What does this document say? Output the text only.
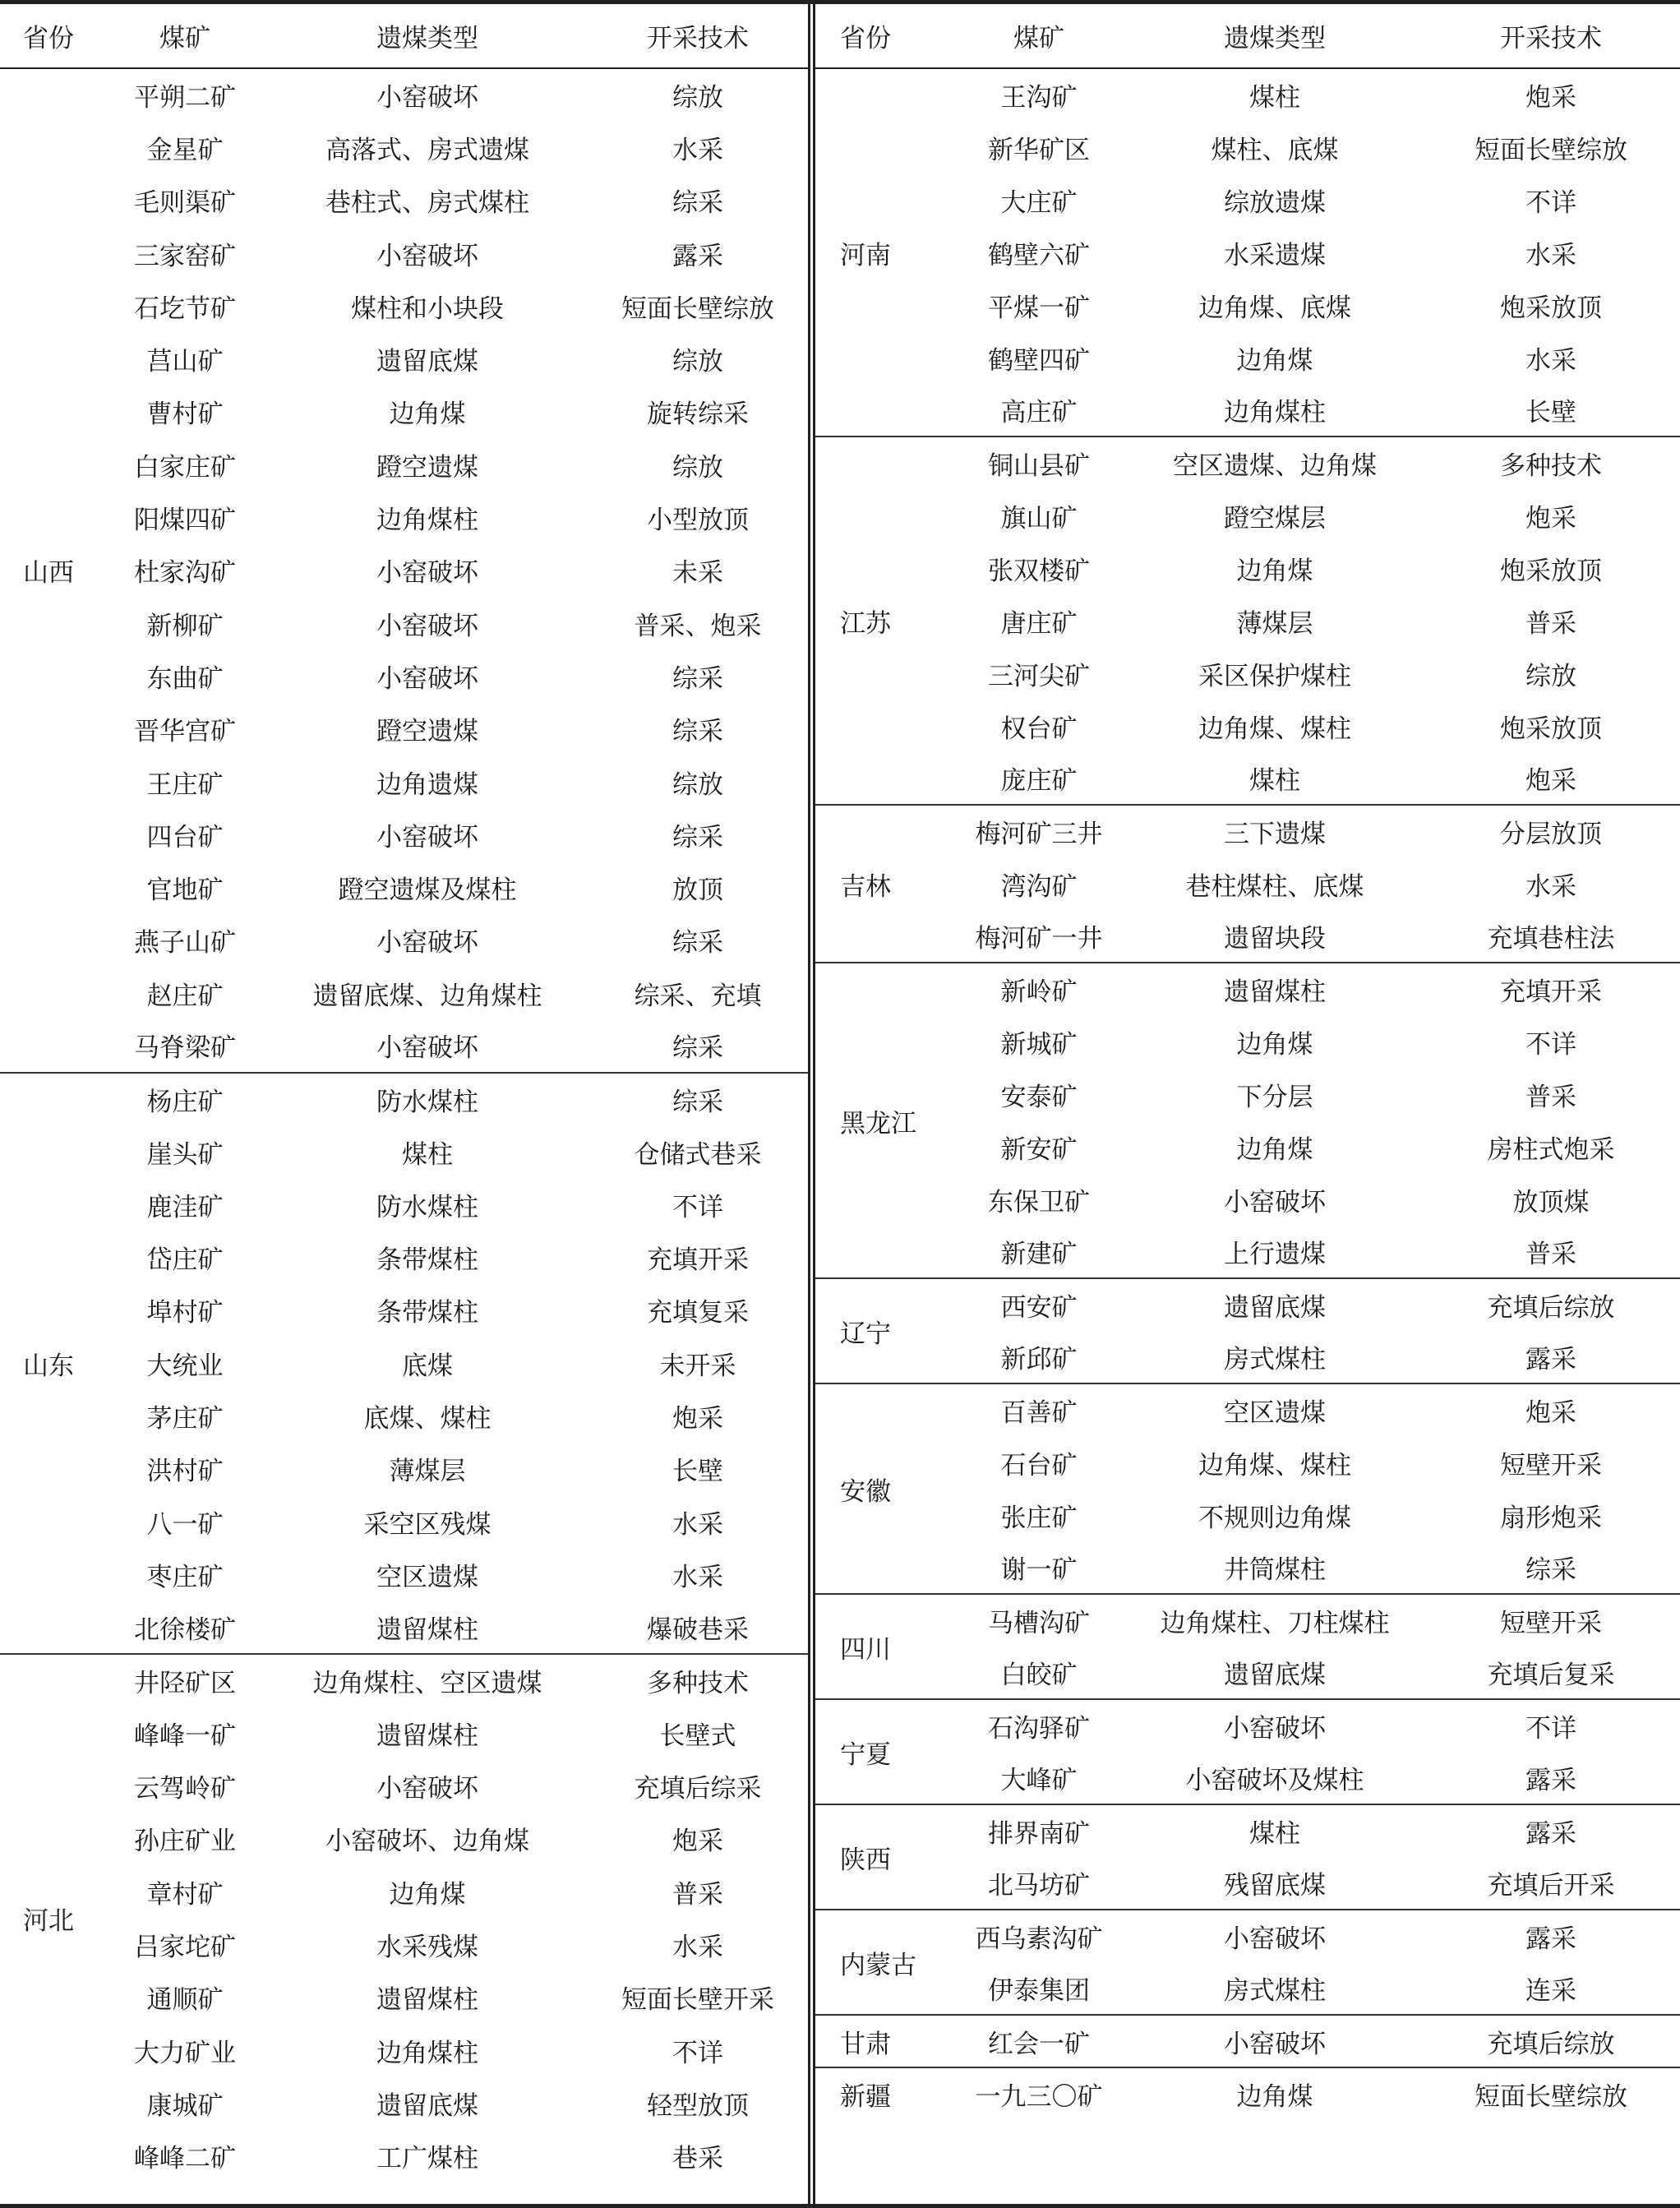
省份	煤矿	遗煤类型	开采技术
山西	平朔二矿	小窑破坏	综放
	金星矿	高落式、房式遗煤	水采
	毛则渠矿	巷柱式、房式煤柱	综采
	三家窑矿	小窑破坏	露采
	石圪节矿	煤柱和小块段	短面长壁综放
	莒山矿	遗留底煤	综放
	曹村矿	边角煤	旋转综采
	白家庄矿	蹬空遗煤	综放
	阳煤四矿	边角煤柱	小型放顶
	杜家沟矿	小窑破坏	未采
	新柳矿	小窑破坏	普采、炮采
	东曲矿	小窑破坏	综采
	晋华宫矿	蹬空遗煤	综采
	王庄矿	边角遗煤	综放
	四台矿	小窑破坏	综采
	官地矿	蹬空遗煤及煤柱	放顶
	燕子山矿	小窑破坏	综采
	赵庄矿	遗留底煤、边角煤柱	综采、充填
	马脊梁矿	小窑破坏	综采
山东	杨庄矿	防水煤柱	综采
	崖头矿	煤柱	仓储式巷采
	鹿洼矿	防水煤柱	不详
	岱庄矿	条带煤柱	充填开采
	埠村矿	条带煤柱	充填复采
	大统业	底煤	未开采
	茅庄矿	底煤、煤柱	炮采
	洪村矿	薄煤层	长壁
	八一矿	采空区残煤	水采
	枣庄矿	空区遗煤	水采
	北徐楼矿	遗留煤柱	爆破巷采
河北	井陉矿区	边角煤柱、空区遗煤	多种技术
	峰峰一矿	遗留煤柱	长壁式
	云驾岭矿	小窑破坏	充填后综采
	孙庄矿业	小窑破坏、边角煤	炮采
	章村矿	边角煤	普采
	吕家坨矿	水采残煤	水采
	通顺矿	遗留煤柱	短面长壁开采
	大力矿业	边角煤柱	不详
	康城矿	遗留底煤	轻型放顶
	峰峰二矿	工广煤柱	巷采
省份	煤矿	遗煤类型	开采技术
河南	王沟矿	煤柱	炮采
	新华矿区	煤柱、底煤	短面长壁综放
	大庄矿	综放遗煤	不详
	鹤壁六矿	水采遗煤	水采
	平煤一矿	边角煤、底煤	炮采放顶
	鹤壁四矿	边角煤	水采
	高庄矿	边角煤柱	长壁
江苏	铜山县矿	空区遗煤、边角煤	多种技术
	旗山矿	蹬空煤层	炮采
	张双楼矿	边角煤	炮采放顶
	唐庄矿	薄煤层	普采
	三河尖矿	采区保护煤柱	综放
	权台矿	边角煤、煤柱	炮采放顶
	庞庄矿	煤柱	炮采
吉林	梅河矿三井	三下遗煤	分层放顶
	湾沟矿	巷柱煤柱、底煤	水采
	梅河矿一井	遗留块段	充填巷柱法
黑龙江	新岭矿	遗留煤柱	充填开采
	新城矿	边角煤	不详
	安泰矿	下分层	普采
	新安矿	边角煤	房柱式炮采
	东保卫矿	小窑破坏	放顶煤
	新建矿	上行遗煤	普采
辽宁	西安矿	遗留底煤	充填后综放
	新邱矿	房式煤柱	露采
安徽	百善矿	空区遗煤	炮采
	石台矿	边角煤、煤柱	短壁开采
	张庄矿	不规则边角煤	扇形炮采
	谢一矿	井筒煤柱	综采
四川	马槽沟矿	边角煤柱、刀柱煤柱	短壁开采
	白皎矿	遗留底煤	充填后复采
宁夏	石沟驿矿	小窑破坏	不详
	大峰矿	小窑破坏及煤柱	露采
陕西	排界南矿	煤柱	露采
	北马坊矿	残留底煤	充填后开采
内蒙古	西乌素沟矿	小窑破坏	露采
	伊泰集团	房式煤柱	连采
甘肃	红会一矿	小窑破坏	充填后综放
新疆	一九三〇矿	边角煤	短面长壁综放
